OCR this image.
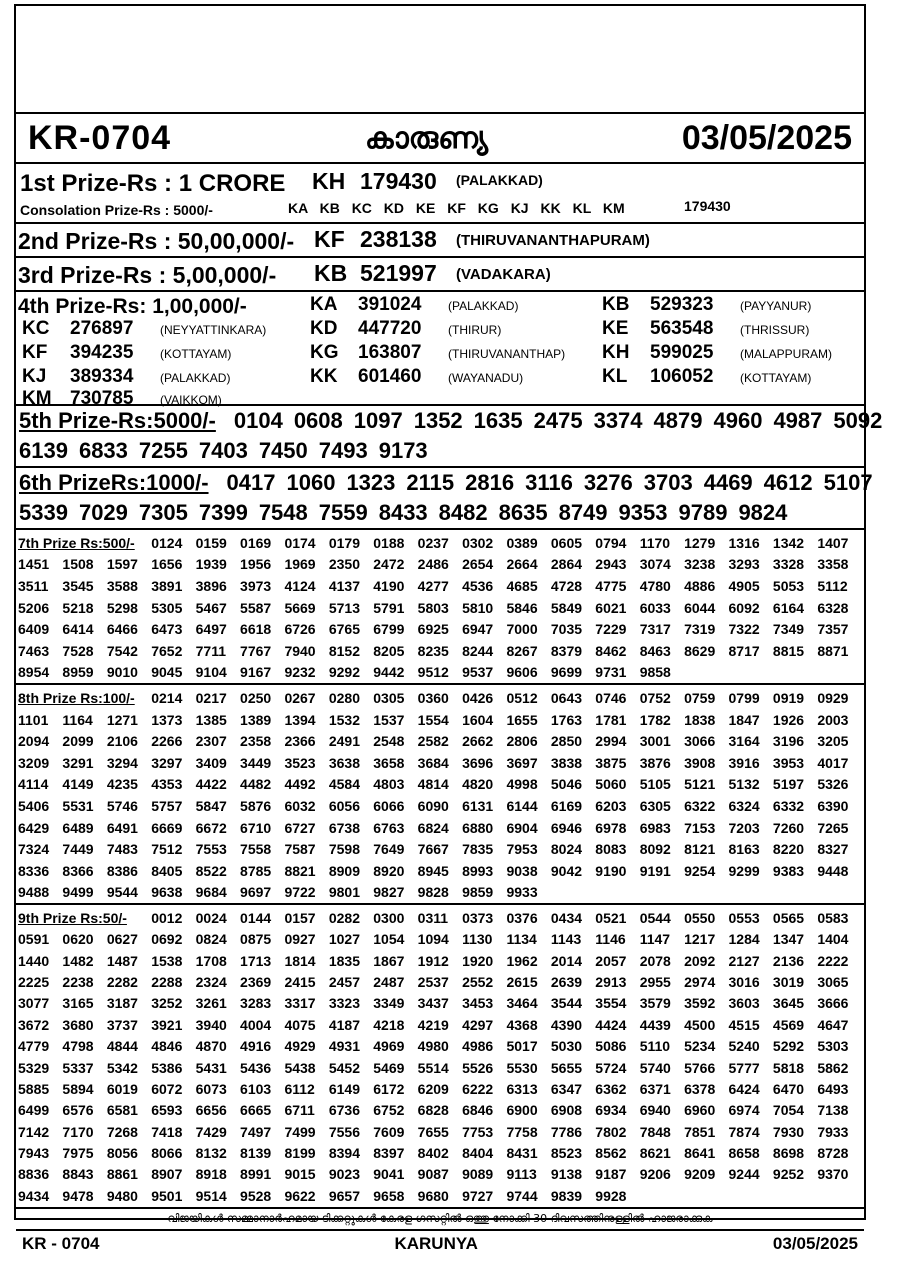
KR-0704	കാരുണ്യ	03/05/2025
1st Prize-Rs : 1 CRORE KH 179430 (PALAKKAD)
Consolation Prize-Rs : 5000/-	KA KB KC KD KE KF KG KJ KK KL KM	179430
2nd Prize-Rs : 50,00,000/- KF 238138 (THIRUVANANTHAPURAM)
3rd Prize-Rs : 5,00,000/- KB 521997 (VADAKARA)
4th Prize-Rs: 1,00,000/-	KA	391024	(PALAKKAD)	KB	529323	(PAYYANUR)
KC	276897	(NEYYATTINKARA) KD	447720	(THIRUR)	KE	563548	(THRISSUR)
KF	394235	(KOTTAYAM)	KG	163807	(THIRUVANANTHAP) KH	599025	(MALAPPURAM)
KJ	389334	(PALAKKAD)	KK	601460	(WAYANADU)	KL	106052	(KOTTAYAM)
KM 730785	(VAIKKOM)
5th Prize-Rs:5000/- 0104 0608 1097 1352 1635 2475 3374 4879 4960 4987 5092
6139 6833 7255 7403 7450 7493 9173
6th PrizeRs:1000/- 0417 1060 1323 2115 2816 3116 3276 3703 4469 4612 5107
5339 7029 7305 7399 7548 7559 8433 8482 8635 8749 9353 9789 9824
7th Prize Rs:500/-			0124	0159	0169	0174	0179	0188	0237	0302	0389	0605	0794	1170	1279	1316	1342	1407
1451	1508	1597	1656	1939	1956	1969	2350	2472	2486	2654	2664	2864	2943	3074	3238	3293	3328	3358
3511	3545	3588	3891	3896	3973	4124	4137	4190	4277	4536	4685	4728	4775	4780	4886	4905	5053	5112
5206	5218	5298	5305	5467	5587	5669	5713	5791	5803	5810	5846	5849	6021	6033	6044	6092	6164	6328
6409	6414	6466	6473	6497	6618	6726	6765	6799	6925	6947	7000	7035	7229	7317	7319	7322	7349	7357
7463	7528	7542	7652	7711	7767	7940	8152	8205	8235	8244	8267	8379	8462	8463	8629	8717	8815	8871
8954	8959	9010	9045	9104	9167	9232	9292	9442	9512	9537	9606	9699	9731	9858				
8th Prize Rs:100/-			0214	0217	0250	0267	0280	0305	0360	0426	0512	0643	0746	0752	0759	0799	0919	0929
1101	1164	1271	1373	1385	1389	1394	1532	1537	1554	1604	1655	1763	1781	1782	1838	1847	1926	2003
2094	2099	2106	2266	2307	2358	2366	2491	2548	2582	2662	2806	2850	2994	3001	3066	3164	3196	3205
3209	3291	3294	3297	3409	3449	3523	3638	3658	3684	3696	3697	3838	3875	3876	3908	3916	3953	4017
4114	4149	4235	4353	4422	4482	4492	4584	4803	4814	4820	4998	5046	5060	5105	5121	5132	5197	5326
5406	5531	5746	5757	5847	5876	6032	6056	6066	6090	6131	6144	6169	6203	6305	6322	6324	6332	6390
6429	6489	6491	6669	6672	6710	6727	6738	6763	6824	6880	6904	6946	6978	6983	7153	7203	7260	7265
7324	7449	7483	7512	7553	7558	7587	7598	7649	7667	7835	7953	8024	8083	8092	8121	8163	8220	8327
8336	8366	8386	8405	8522	8785	8821	8909	8920	8945	8993	9038	9042	9190	9191	9254	9299	9383	9448
9488	9499	9544	9638	9684	9697	9722	9801	9827	9828	9859	9933							
9th Prize Rs:50/-			0012	0024	0144	0157	0282	0300	0311	0373	0376	0434	0521	0544	0550	0553	0565	0583
0591	0620	0627	0692	0824	0875	0927	1027	1054	1094	1130	1134	1143	1146	1147	1217	1284	1347	1404
1440	1482	1487	1538	1708	1713	1814	1835	1867	1912	1920	1962	2014	2057	2078	2092	2127	2136	2222
2225	2238	2282	2288	2324	2369	2415	2457	2487	2537	2552	2615	2639	2913	2955	2974	3016	3019	3065
3077	3165	3187	3252	3261	3283	3317	3323	3349	3437	3453	3464	3544	3554	3579	3592	3603	3645	3666
3672	3680	3737	3921	3940	4004	4075	4187	4218	4219	4297	4368	4390	4424	4439	4500	4515	4569	4647
4779	4798	4844	4846	4870	4916	4929	4931	4969	4980	4986	5017	5030	5086	5110	5234	5240	5292	5303
5329	5337	5342	5386	5431	5436	5438	5452	5469	5514	5526	5530	5655	5724	5740	5766	5777	5818	5862
5885	5894	6019	6072	6073	6103	6112	6149	6172	6209	6222	6313	6347	6362	6371	6378	6424	6470	6493
6499	6576	6581	6593	6656	6665	6711	6736	6752	6828	6846	6900	6908	6934	6940	6960	6974	7054	7138
7142	7170	7268	7418	7429	7497	7499	7556	7609	7655	7753	7758	7786	7802	7848	7851	7874	7930	7933
7943	7975	8056	8066	8132	8139	8199	8394	8397	8402	8404	8431	8523	8562	8621	8641	8658	8698	8728
8836	8843	8861	8907	8918	8991	9015	9023	9041	9087	9089	9113	9138	9187	9206	9209	9244	9252	9370
9434	9478	9480	9501	9514	9528	9622	9657	9658	9680	9727	9744	9839	9928					
വിജയികൾ സമ്മാനാർഹമായ ടിക്കറ്റുകൾ കേരള ഗസറ്റിൽ ഒത്തു നോക്കി 30 ദിവസത്തിനുള്ളിൽ ഹാജരാക്കുക
KR - 0704	KARUNYA	03/05/2025
